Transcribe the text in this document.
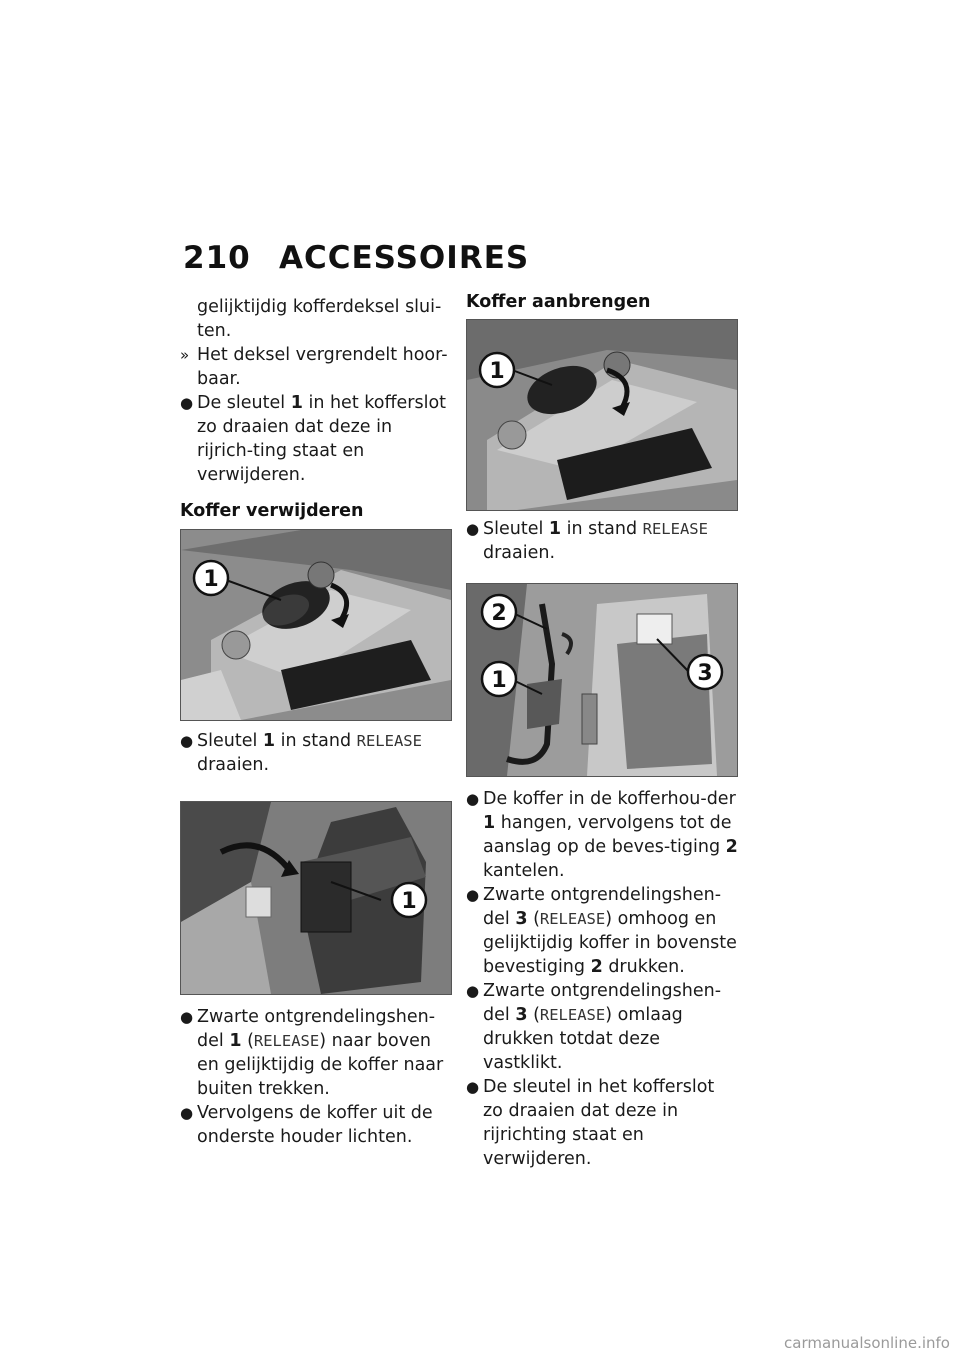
210 ACCESSOIRES

gelijktijdig kofferdeksel slui-ten.

» Het deksel vergrendelt hoor-baar.
● De sleutel 1 in het kofferslot zo draaien dat deze in rijrich-ting staat en verwijderen.
Koffer verwijderen
1
● Sleutel 1 in stand RELEASE draaien.
1
● Zwarte ontgrendelingshen-del 1 (RELEASE) naar boven en gelijktijdig de koffer naar buiten trekken.
● Vervolgens de koffer uit de onderste houder lichten.
Koffer aanbrengen
1
● Sleutel 1 in stand RELEASE draaien.
2
1	3
● De koffer in de kofferhou-der 1 hangen, vervolgens tot de aanslag op de beves-tiging 2 kantelen.
● Zwarte ontgrendelingshen-del 3 (RELEASE) omhoog en gelijktijdig koffer in bovenste bevestiging 2 drukken.
● Zwarte ontgrendelingshen-del 3 (RELEASE) omlaag drukken totdat deze vastklikt.
● De sleutel in het kofferslot zo draaien dat deze in rijrichting staat en verwijderen.
carmanualsonline.info
